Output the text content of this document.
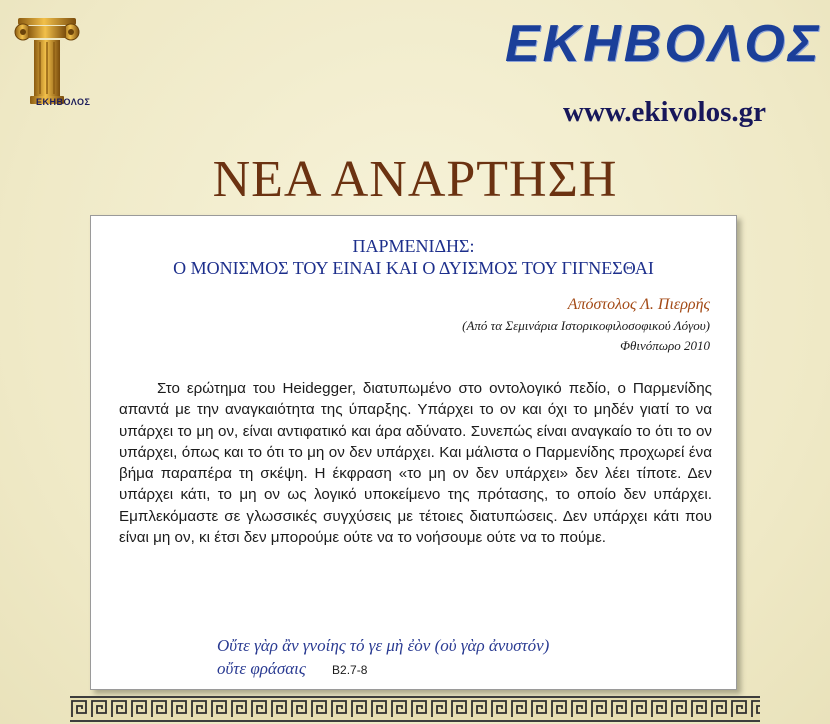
ΕΚΗΒΟΛΟΣ
ΕΚΗΒΟΛΟΣ
www.ekivolos.gr
ΝΕΑ ΑΝΑΡΤΗΣΗ
ΠΑΡΜΕΝΙΔΗΣ:
Ο ΜΟΝΙΣΜΟΣ ΤΟΥ ΕΙΝΑΙ ΚΑΙ Ο ΔΥΙΣΜΟΣ ΤΟΥ ΓΙΓΝΕΣΘΑΙ
Απόστολος Λ. Πιερρής
(Από τα Σεμινάρια Ιστορικοφιλοσοφικού Λόγου)
Φθινόπωρο 2010
Στο ερώτημα του Heidegger, διατυπωμένο στο οντολογικό πεδίο, ο Παρμενίδης απαντά με την αναγκαιότητα της ύπαρξης. Υπάρχει το ον και όχι το μηδέν γιατί το να υπάρχει το μη ον, είναι αντιφατικό και άρα αδύνατο. Συνεπώς είναι αναγκαίο το ότι το ον υπάρχει, όπως και το ότι το μη ον δεν υπάρχει. Και μάλιστα ο Παρμενίδης προχωρεί ένα βήμα παραπέρα τη σκέψη. Η έκφραση «το μη ον δεν υπάρχει» δεν λέει τίποτε. Δεν υπάρχει κάτι, το μη ον ως λογικό υποκείμενο της πρότασης, το οποίο δεν υπάρχει. Εμπλεκόμαστε σε γλωσσικές συγχύσεις με τέτοιες διατυπώσεις. Δεν υπάρχει κάτι που είναι μη ον, κι έτσι δεν μπορούμε ούτε να το νοήσουμε ούτε να το πούμε.
Οὔτε γὰρ ἂν γνοίης τό γε μὴ ἐὸν (οὐ γὰρ ἀνυστόν)
οὔτε φράσαις B2.7-8
